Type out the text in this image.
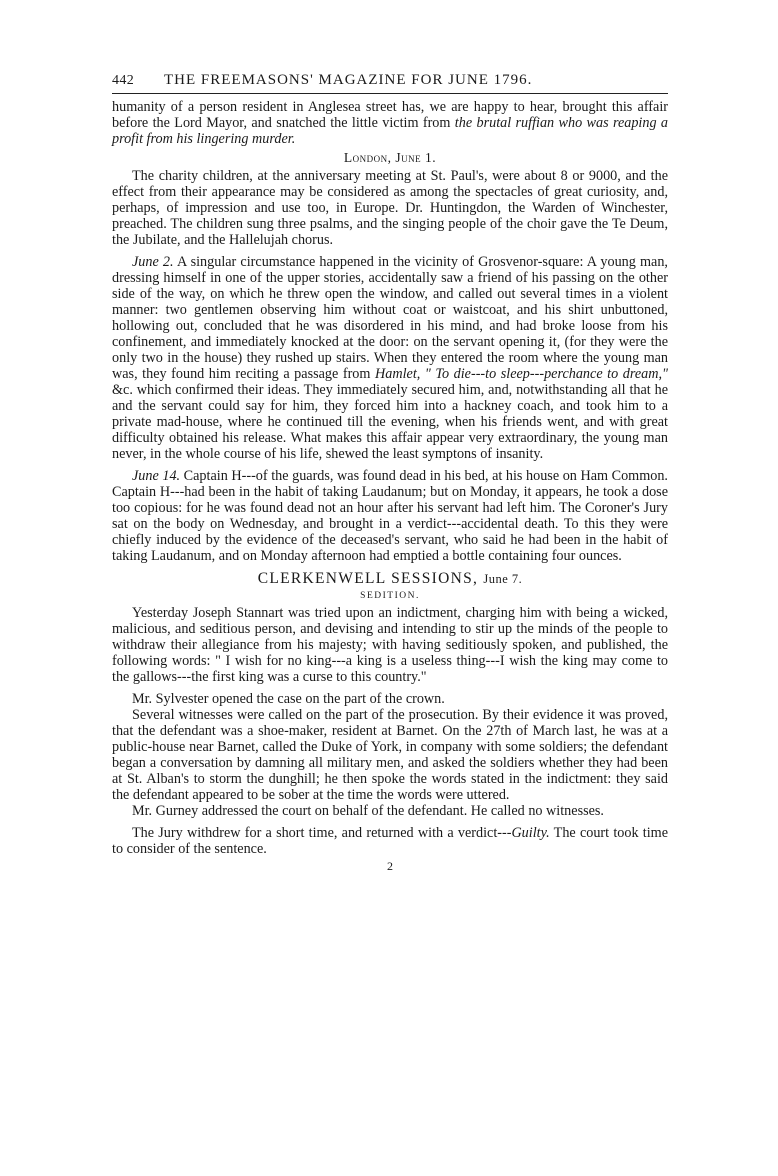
442	THE FREEMASONS' MAGAZINE FOR JUNE 1796.

humanity of a person resident in Anglesea street has, we are happy to hear, brought this affair before the Lord Mayor, and snatched the little victim from the brutal ruffian who was reaping a profit from his lingering murder.

London, June 1.

The charity children, at the anniversary meeting at St. Paul's, were about 8 or 9000, and the effect from their appearance may be considered as among the spectacles of great curiosity, and, perhaps, of impression and use too, in Europe. Dr. Huntingdon, the Warden of Winchester, preached. The children sung three psalms, and the singing people of the choir gave the Te Deum, the Jubilate, and the Hallelujah chorus.

June 2. A singular circumstance happened in the vicinity of Grosvenor-square: A young man, dressing himself in one of the upper stories, accidentally saw a friend of his passing on the other side of the way, on which he threw open the window, and called out several times in a violent manner: two gentlemen observing him without coat or waistcoat, and his shirt unbuttoned, hollowing out, concluded that he was disordered in his mind, and had broke loose from his confinement, and immediately knocked at the door: on the servant opening it, (for they were the only two in the house) they rushed up stairs. When they entered the room where the young man was, they found him reciting a passage from Hamlet, " To die---to sleep---perchance to dream," &c. which confirmed their ideas. They immediately secured him, and, notwithstanding all that he and the servant could say for him, they forced him into a hackney coach, and took him to a private mad-house, where he continued till the evening, when his friends went, and with great difficulty obtained his release. What makes this affair appear very extraordinary, the young man never, in the whole course of his life, shewed the least symptons of insanity.

June 14. Captain H---of the guards, was found dead in his bed, at his house on Ham Common. Captain H---had been in the habit of taking Laudanum; but on Monday, it appears, he took a dose too copious: for he was found dead not an hour after his servant had left him. The Coroner's Jury sat on the body on Wednesday, and brought in a verdict---accidental death. To this they were chiefly induced by the evidence of the deceased's servant, who said he had been in the habit of taking Laudanum, and on Monday afternoon had emptied a bottle containing four ounces.

CLERKENWELL SESSIONS, June 7.
SEDITION.

Yesterday Joseph Stannart was tried upon an indictment, charging him with being a wicked, malicious, and seditious person, and devising and intending to stir up the minds of the people to withdraw their allegiance from his majesty; with having seditiously spoken, and published, the following words: " I wish for no king---a king is a useless thing---I wish the king may come to the gallows---the first king was a curse to this country."

Mr. Sylvester opened the case on the part of the crown.

Several witnesses were called on the part of the prosecution. By their evidence it was proved, that the defendant was a shoe-maker, resident at Barnet. On the 27th of March last, he was at a public-house near Barnet, called the Duke of York, in company with some soldiers; the defendant began a conversation by damning all military men, and asked the soldiers whether they had been at St. Alban's to storm the dunghill; he then spoke the words stated in the indictment: they said the defendant appeared to be sober at the time the words were uttered.

Mr. Gurney addressed the court on behalf of the defendant. He called no witnesses.

The Jury withdrew for a short time, and returned with a verdict---Guilty. The court took time to consider of the sentence.

2
